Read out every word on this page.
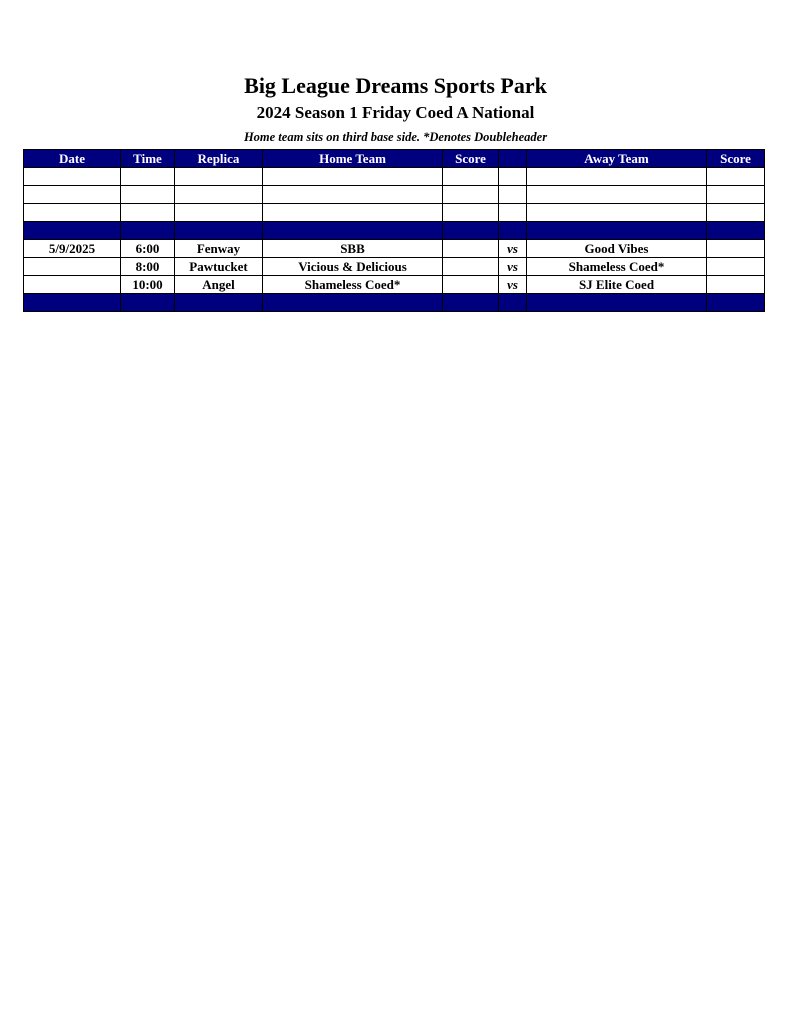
Big League Dreams Sports Park
2024 Season 1 Friday Coed A National
Home team sits on third base side. *Denotes Doubleheader
Date	Time	Replica	Home Team	Score		Away Team	Score

5/9/2025	6:00	Fenway	SBB		vs	Good Vibes	
	8:00	Pawtucket	Vicious & Delicious		vs	Shameless Coed*	
	10:00	Angel	Shameless Coed*		vs	SJ Elite Coed	
